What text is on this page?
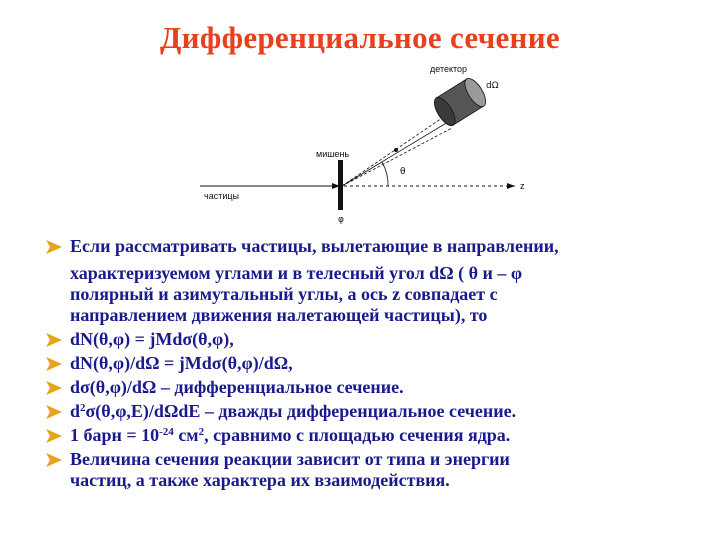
Дифференциальное сечение
детектор
dΩ
мишень
частицы
θ
φ
z
Если рассматривать частицы, вылетающие в направлении,
характеризуемом углами и в телесный угол dΩ ( θ и – φ
полярный и азимутальный углы, а ось z совпадает с
направлением движения налетающей частицы), то
dN(θ,φ) = jMdσ(θ,φ),
dN(θ,φ)/dΩ = jMdσ(θ,φ)/dΩ,
dσ(θ,φ)/dΩ – дифференциальное сечение.
$d^2\sigma(\theta,\varphi,E)$/dΩdE – дважды дифференциальное сечение.
1 барн = $10^{-24}$ $см^2$, сравнимо с площадью сечения ядра.
Величина сечения реакции зависит от типа и энергии
частиц, а также характера их взаимодействия.
